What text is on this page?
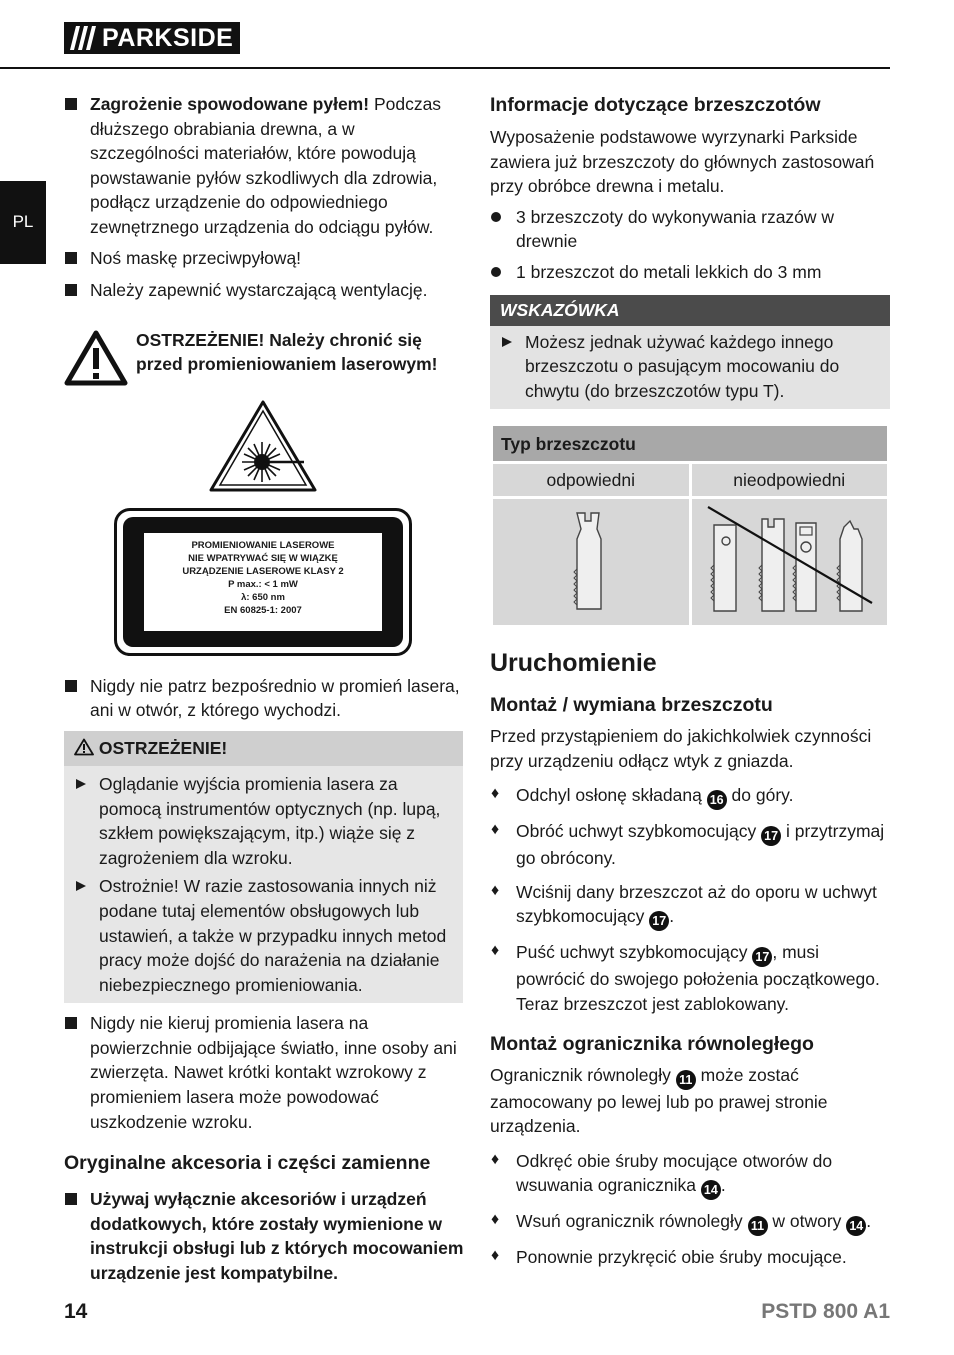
PARKSIDE
PL

Zagrożenie spowodowane pyłem! Podczas dłuższego obrabiania drewna, a w szczególności materiałów, które powodują powstawanie pyłów szkodliwych dla zdrowia, podłącz urządzenie do odpowiedniego zewnętrznego urządzenia do odciągu pyłów.

Noś maskę przeciwpyłową!

Należy zapewnić wystarczającą wentylację.

OSTRZEŻENIE! Należy chronić się przed promieniowaniem laserowym!

PROMIENIOWANIE LASEROWE
NIE WPATRYWAĆ SIĘ W WIĄZKĘ
URZĄDZENIE LASEROWE KLASY 2
P max.: < 1 mW
λ: 650 nm
EN 60825-1: 2007

Nigdy nie patrz bezpośrednio w promień lasera, ani w otwór, z którego wychodzi.

OSTRZEŻENIE!

Oglądanie wyjścia promienia lasera za pomocą instrumentów optycznych (np. lupą, szkłem powiększającym, itp.) wiąże się z zagrożeniem dla wzroku.

Ostrożnie! W razie zastosowania innych niż podane tutaj elementów obsługowych lub ustawień, a także w przypadku innych metod pracy może dojść do narażenia na działanie niebezpiecznego promieniowania.

Nigdy nie kieruj promienia lasera na powierzchnie odbijające światło, inne osoby ani zwierzęta. Nawet krótki kontakt wzrokowy z promieniem lasera może powodować uszkodzenie wzroku.

Oryginalne akcesoria i części zamienne

Używaj wyłącznie akcesoriów i urządzeń dodatkowych, które zostały wymienione w instrukcji obsługi lub z których mocowaniem urządzenie jest kompatybilne.

Informacje dotyczące brzeszczotów

Wyposażenie podstawowe wyrzynarki Parkside zawiera już brzeszczoty do głównych zastosowań przy obróbce drewna i metalu.

3 brzeszczoty do wykonywania rzazów w drewnie

1 brzeszczot do metali lekkich do 3 mm

WSKAZÓWKA

Możesz jednak używać każdego innego brzeszczotu o pasującym mocowaniu do chwytu (do brzeszczotów typu T).

Typ brzeszczotu	
odpowiedni	nieodpowiedni

Uruchomienie

Montaż / wymiana brzeszczotu

Przed przystąpieniem do jakichkolwiek czynności przy urządzeniu odłącz wtyk z gniazda.

♦ Odchyl osłonę składaną 16 do góry.

♦ Obróć uchwyt szybkomocujący 17 i przytrzymaj go obrócony.

♦ Wciśnij dany brzeszczot aż do oporu w uchwyt szybkomocujący 17 .

♦ Puść uchwyt szybkomocujący 17 , musi powrócić do swojego położenia początkowego. Teraz brzeszczot jest zablokowany.

Montaż ogranicznika równoległego

Ogranicznik równoległy 11 może zostać zamocowany po lewej lub po prawej stronie urządzenia.

♦ Odkręć obie śruby mocujące otworów do wsuwania ogranicznika 14 .

♦ Wsuń ogranicznik równoległy 11 w otwory 14 .

♦ Ponownie przykręcić obie śruby mocujące.

14	PSTD 800 A1
